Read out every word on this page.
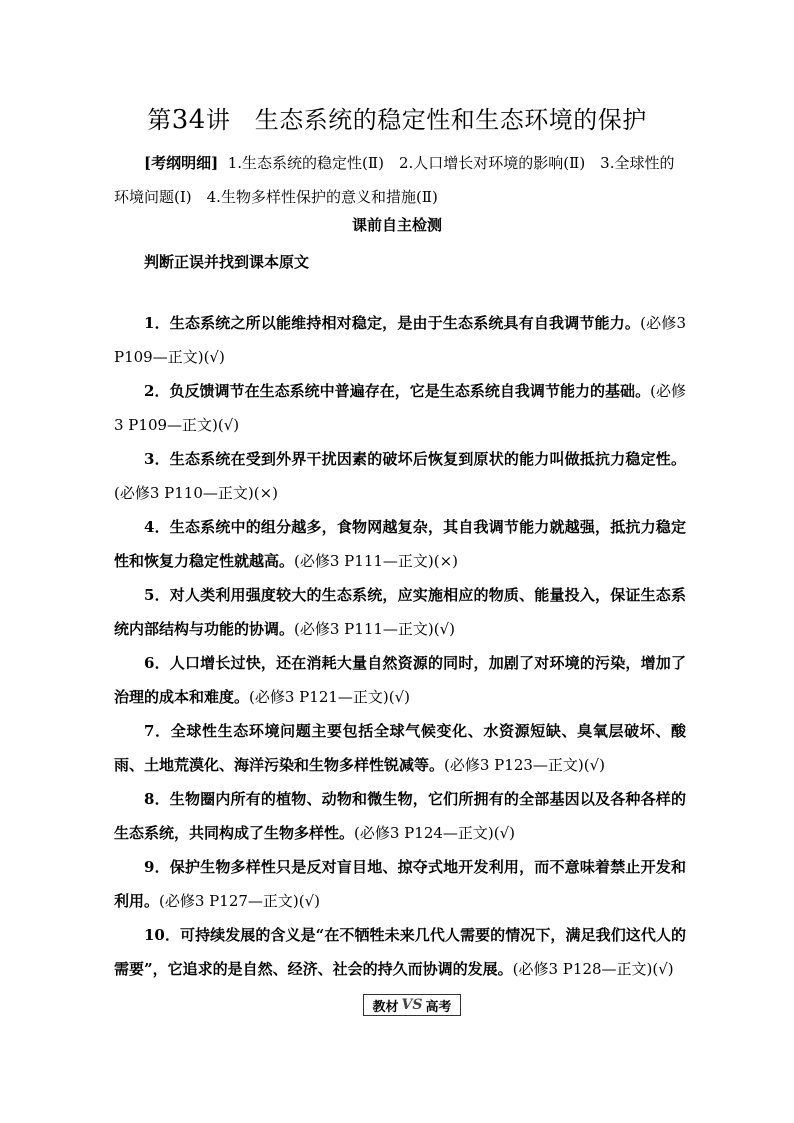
第34讲 生态系统的稳定性和生态环境的保护
[考纲明细] 1.生态系统的稳定性(Ⅱ)　2.人口增长对环境的影响(Ⅱ)　3.全球性的环境问题(Ⅰ)　4.生物多样性保护的意义和措施(Ⅱ)
课前自主检测
判断正误并找到课本原文

1．生态系统之所以能维持相对稳定，是由于生态系统具有自我调节能力。(必修3 P109—正文)(√)

2．负反馈调节在生态系统中普遍存在，它是生态系统自我调节能力的基础。(必修3 P109—正文)(√)

3．生态系统在受到外界干扰因素的破坏后恢复到原状的能力叫做抵抗力稳定性。(必修3 P110—正文)(×)

4．生态系统中的组分越多，食物网越复杂，其自我调节能力就越强，抵抗力稳定性和恢复力稳定性就越高。(必修3 P111—正文)(×)

5．对人类利用强度较大的生态系统，应实施相应的物质、能量投入，保证生态系统内部结构与功能的协调。(必修3 P111—正文)(√)

6．人口增长过快，还在消耗大量自然资源的同时，加剧了对环境的污染，增加了治理的成本和难度。(必修3 P121—正文)(√)

7．全球性生态环境问题主要包括全球气候变化、水资源短缺、臭氧层破坏、酸雨、土地荒漠化、海洋污染和生物多样性锐减等。(必修3 P123—正文)(√)

8．生物圈内所有的植物、动物和微生物，它们所拥有的全部基因以及各种各样的生态系统，共同构成了生物多样性。(必修3 P124—正文)(√)

9．保护生物多样性只是反对盲目地、掠夺式地开发利用，而不意味着禁止开发和利用。(必修3 P127—正文)(√)

10．可持续发展的含义是“在不牺牲未来几代人需要的情况下，满足我们这代人的需要”，它追求的是自然、经济、社会的持久而协调的发展。(必修3 P128—正文)(√)

教材 VS 高考
